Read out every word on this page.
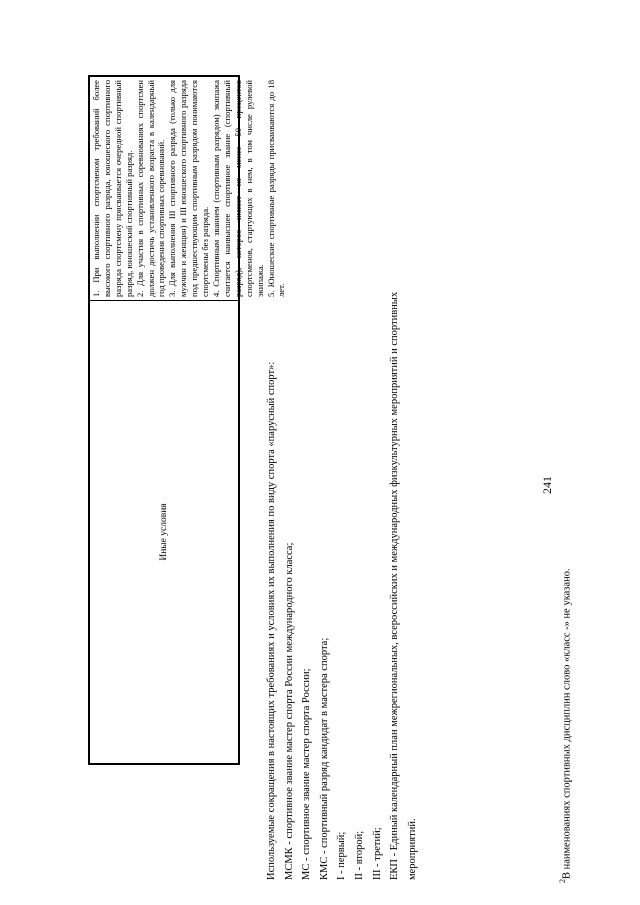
241
Иные условия
1. При выполнении спортсменом требований более высокого спортивного разряда, юношеского спортивного разряда спортсмену присваивается очередной спортивный разряд, юношеский спортивный разряд. 2. Для участия в спортивных соревнованиях спортсмен должен достичь установленного возраста в календарный год проведения спортивных соревнований. 3. Для выполнения III спортивного разряда (только для мужчин и женщин) и III юношеского спортивного разряда под предшествующим спортивным разрядом понимаются спортсмены без разряда. 4. Спортивным званием (спортивным разрядом) экипажа считается наивысшее спортивное звание (спортивный разряд), которое имеют не менее 50 процентов спортсменов, стартующих в нем, в том числе рулевой экипажа. 5. Юношеские спортивные разряды присваиваются до 18 лет.
Используемые сокращения в настоящих требованиях и условиях их выполнения по виду спорта «парусный спорт»: МСМК - спортивное звание мастер спорта России международного класса; МС - спортивное звание мастер спорта России; КМС - спортивный разряд кандидат в мастера спорта; I - первый; II - второй; III - третий; ЕКП - Единый календарный план межрегиональных, всероссийских и международных физкультурных мероприятий и спортивных мероприятий.
$^2$В наименованиях спортивных дисциплин слово «класс -» не указано.
